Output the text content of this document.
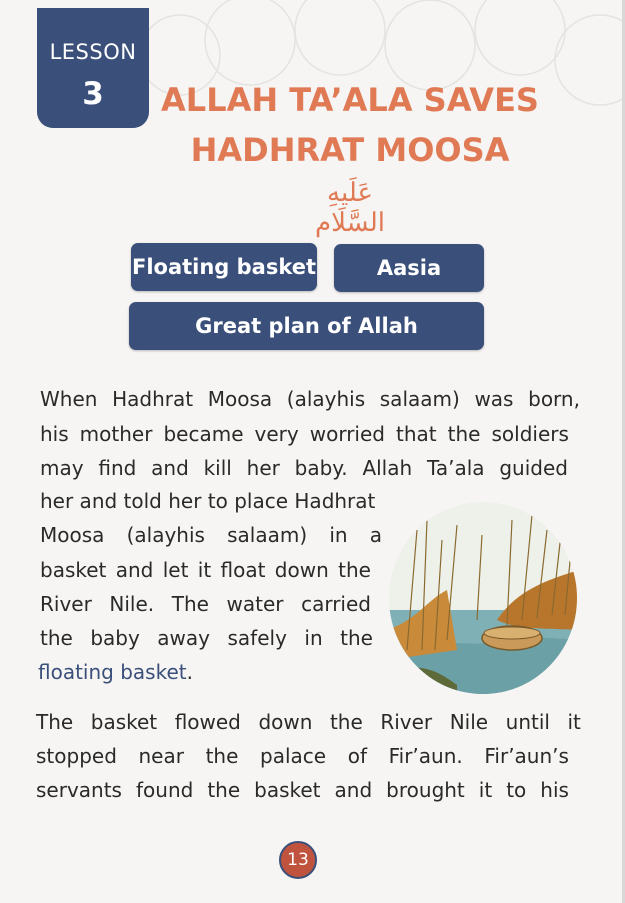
LESSON
3	ALLAH TA’ALA SAVES
HADHRAT MOOSA
عَلَيهِ السَّلَام
Floating basket	Aasia
Great plan of Allah
When Hadhrat Moosa (alayhis salaam) was born,
his mother became very worried that the soldiers
may find and kill her baby. Allah Ta’ala guided
her and told her to place Hadhrat
Moosa (alayhis salaam) in a
basket and let it float down the
River Nile. The water carried
the baby away safely in the
floating basket.
The basket flowed down the River Nile until it
stopped near the palace of Fir’aun. Fir’aun’s
servants found the basket and brought it to his
13
